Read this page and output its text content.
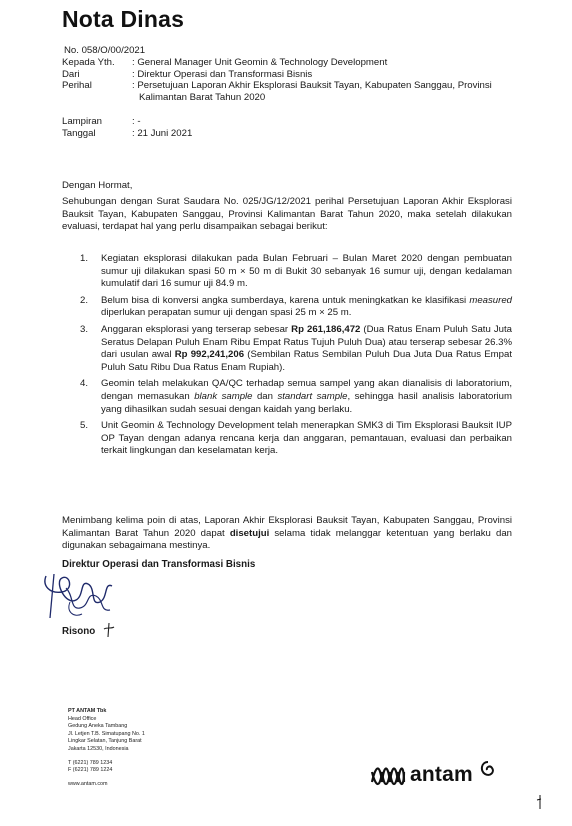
Nota Dinas
No. 058/O/00/2021
Kepada Yth.	: General Manager Unit Geomin & Technology Development
Dari	: Direktur Operasi dan Transformasi Bisnis
Perihal	: Persetujuan Laporan Akhir Eksplorasi Bauksit Tayan, Kabupaten Sanggau, Provinsi
Kalimantan Barat Tahun 2020
Lampiran	: -
Tanggal	: 21 Juni 2021
Dengan Hormat,
Sehubungan dengan Surat Saudara No. 025/JG/12/2021 perihal Persetujuan Laporan Akhir Eksplorasi Bauksit Tayan, Kabupaten Sanggau, Provinsi Kalimantan Barat Tahun 2020, maka setelah dilakukan evaluasi, terdapat hal yang perlu disampaikan sebagai berikut:
1.	Kegiatan eksplorasi dilakukan pada Bulan Februari – Bulan Maret 2020 dengan pembuatan sumur uji dilakukan spasi 50 m × 50 m di Bukit 30 sebanyak 16 sumur uji, dengan kedalaman kumulatif dari 16 sumur uji 84.9 m.
2.	Belum bisa di konversi angka sumberdaya, karena untuk meningkatkan ke klasifikasi measured diperlukan perapatan sumur uji dengan spasi 25 m × 25 m.
3.	Anggaran eksplorasi yang terserap sebesar Rp 261,186,472 (Dua Ratus Enam Puluh Satu Juta Seratus Delapan Puluh Enam Ribu Empat Ratus Tujuh Puluh Dua) atau terserap sebesar 26.3% dari usulan awal Rp 992,241,206 (Sembilan Ratus Sembilan Puluh Dua Juta Dua Ratus Empat Puluh Satu Ribu Dua Ratus Enam Rupiah).
4.	Geomin telah melakukan QA/QC terhadap semua sampel yang akan dianalisis di laboratorium, dengan memasukan blank sample dan standart sample, sehingga hasil analisis laboratorium yang dihasilkan sudah sesuai dengan kaidah yang berlaku.
5.	Unit Geomin & Technology Development telah menerapkan SMK3 di Tim Eksplorasi Bauksit IUP OP Tayan dengan adanya rencana kerja dan anggaran, pemantauan, evaluasi dan perbaikan terkait lingkungan dan keselamatan kerja.
Menimbang kelima poin di atas, Laporan Akhir Eksplorasi Bauksit Tayan, Kabupaten Sanggau, Provinsi Kalimantan Barat Tahun 2020 dapat disetujui selama tidak melanggar ketentuan yang berlaku dan digunakan sebagaimana mestinya.
Direktur Operasi dan Transformasi Bisnis
Risono
PT ANTAM Tbk
Head Office
Gedung Aneka Tambang
Jl. Letjen T.B. Simatupang No. 1
Lingkar Selatan, Tanjung Barat
Jakarta 12530, Indonesia
T (6221) 789 1234
F (6221) 789 1224
www.antam.com	antam
